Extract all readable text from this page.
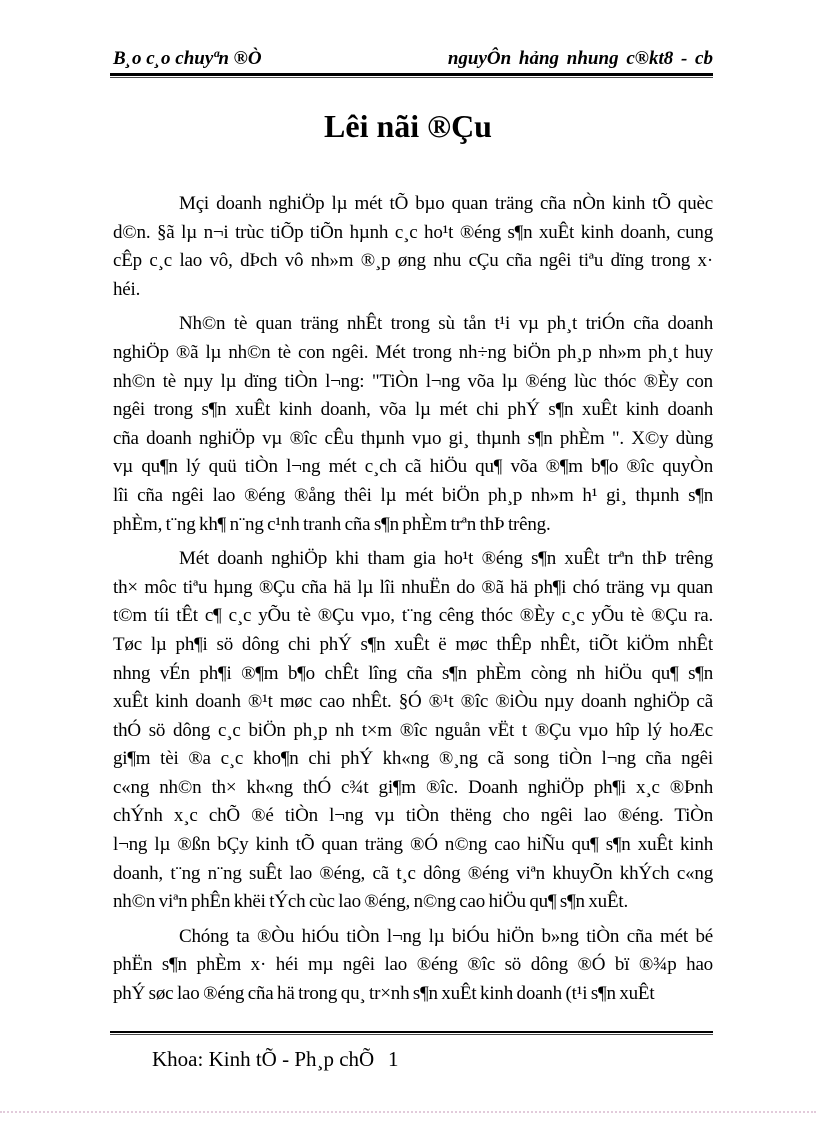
B¸o c¸o chuyªn ®Ò	nguyÔn hảng nhung c®kt8 - cb
Lêi nãi ®Çu
Mçi doanh nghiÖp lµ mét tÕ bµo quan träng cña nÒn kinh tÕ quèc
d©n. §ã lµ n¬i trùc tiÕp tiÕn hµnh c¸c ho¹t ®éng s¶n xuÊt kinh doanh, cung
cÊp c¸c lao vô, dÞch vô nh»m ®¸p øng nhu cÇu cña ngêi tiªu dïng trong x·
héi.
Nh©n tè quan träng nhÊt trong sù tån t¹i vµ ph¸t triÓn cña doanh
nghiÖp ®ã lµ nh©n tè con ngêi. Mét trong nh÷ng biÖn ph¸p nh»m ph¸t huy
nh©n tè nµy lµ dïng tiÒn l¬ng: "TiÒn l¬ng võa lµ ®éng lùc thóc ®Èy con
ngêi trong s¶n xuÊt kinh doanh, võa lµ mét chi phÝ s¶n xuÊt kinh doanh
cña doanh nghiÖp vµ ®îc cÊu thµnh vµo gi¸ thµnh s¶n phÈm ". X©y dùng
vµ qu¶n lý quü tiÒn l¬ng mét c¸ch cã hiÖu qu¶ võa ®¶m b¶o ®îc quyÒn
lîi cña ngêi lao ®éng ®ång thêi lµ mét biÖn ph¸p nh»m h¹ gi¸ thµnh s¶n
phÈm, t¨ng kh¶ n¨ng c¹nh tranh cña s¶n phÈm trªn thÞ trêng.
Mét doanh nghiÖp khi tham gia ho¹t ®éng s¶n xuÊt trªn thÞ trêng
th× môc tiªu hµng ®Çu cña hä lµ lîi nhuËn do ®ã hä ph¶i chó träng vµ quan
t©m tíi tÊt c¶ c¸c yÕu tè ®Çu vµo, t¨ng cêng thóc ®Èy c¸c yÕu tè ®Çu ra.
Tøc lµ ph¶i sö dông chi phÝ s¶n xuÊt ë møc thÊp nhÊt, tiÕt kiÖm nhÊt
nhng vÉn ph¶i ®¶m b¶o chÊt lîng cña s¶n phÈm còng nh hiÖu qu¶ s¶n
xuÊt kinh doanh ®¹t møc cao nhÊt. §Ó ®¹t ®îc ®iÒu nµy doanh nghiÖp cã
thÓ sö dông c¸c biÖn ph¸p nh t×m ®îc nguån vËt t ®Çu vµo hîp lý hoÆc
gi¶m tèi ®a c¸c kho¶n chi phÝ kh«ng ®¸ng cã song tiÒn l¬ng cña ngêi
c«ng nh©n th× kh«ng thÓ c¾t gi¶m ®îc. Doanh nghiÖp ph¶i x¸c ®Þnh
chÝnh x¸c chÕ ®é tiÒn l¬ng vµ tiÒn thëng cho ngêi lao ®éng. TiÒn
l¬ng lµ ®ßn bÇy kinh tÕ quan träng ®Ó n©ng cao hiÑu qu¶ s¶n xuÊt kinh
doanh, t¨ng n¨ng suÊt lao ®éng, cã t¸c dông ®éng viªn khuyÕn khÝch c«ng
nh©n viªn phÊn khëi tÝch cùc lao ®éng, n©ng cao hiÖu qu¶ s¶n xuÊt.
Chóng ta ®Òu hiÓu tiÒn l¬ng lµ biÓu hiÖn b»ng tiÒn cña mét bé
phËn s¶n phÈm x· héi mµ ngêi lao ®éng ®îc sö dông ®Ó bï ®¾p hao
phÝ søc lao ®éng cña hä trong qu¸ tr×nh s¶n xuÊt kinh doanh (t¹i s¶n xuÊt
Khoa: Kinh tÕ - Ph¸p chÕ 1
